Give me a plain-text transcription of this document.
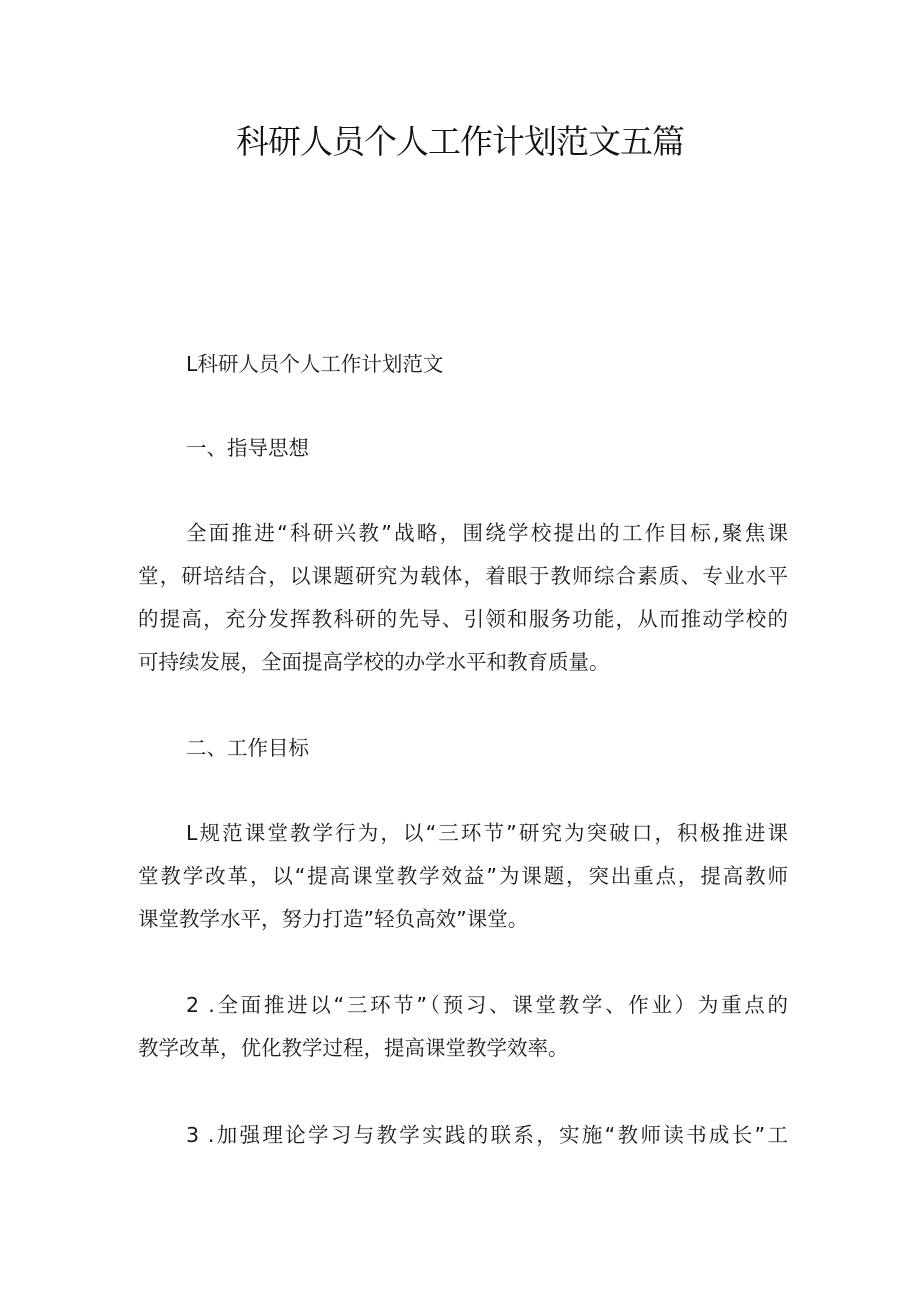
科研人员个人工作计划范文五篇
L科研人员个人工作计划范文
一、指导思想
全面推进“科研兴教”战略，围绕学校提出的工作目标,聚焦课
堂，研培结合，以课题研究为载体，着眼于教师综合素质、专业水平
的提高，充分发挥教科研的先导、引领和服务功能，从而推动学校的
可持续发展，全面提高学校的办学水平和教育质量。
二、工作目标
L规范课堂教学行为，以“三环节”研究为突破口，积极推进课
堂教学改革，以“提高课堂教学效益”为课题，突出重点，提高教师
课堂教学水平，努力打造”轻负高效”课堂。
2 .全面推进以“三环节”（预习、课堂教学、作业）为重点的
教学改革，优化教学过程，提高课堂教学效率。
3 .加强理论学习与教学实践的联系，实施“教师读书成长”工
